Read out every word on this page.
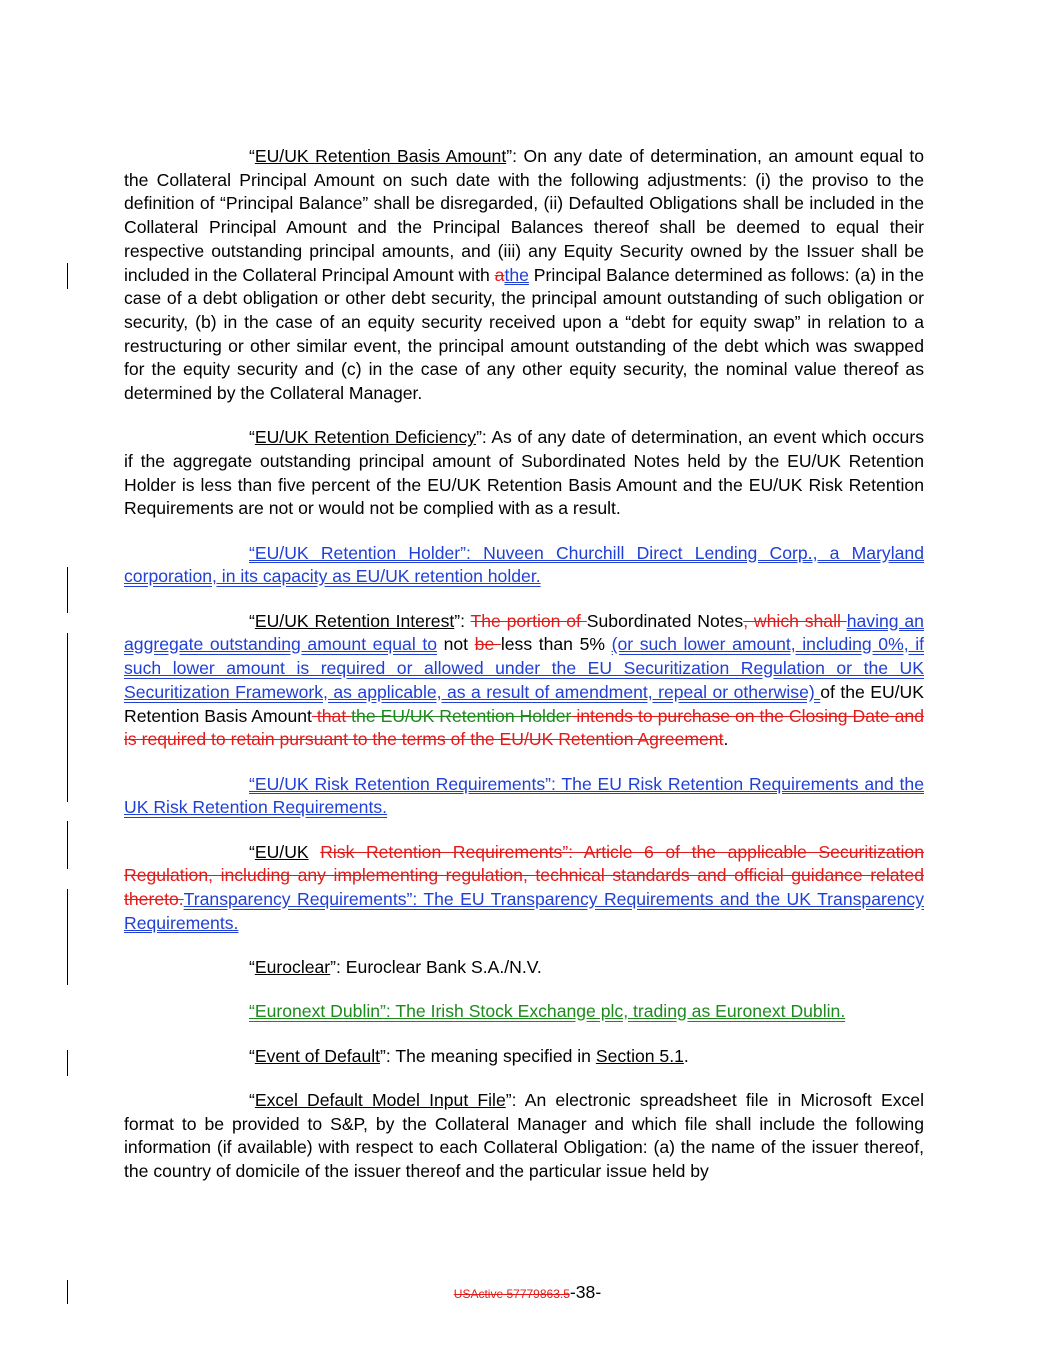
“EU/UK Retention Basis Amount”: On any date of determination, an amount equal to the Collateral Principal Amount on such date with the following adjustments: (i) the proviso to the definition of “Principal Balance” shall be disregarded, (ii) Defaulted Obligations shall be included in the Collateral Principal Amount and the Principal Balances thereof shall be deemed to equal their respective outstanding principal amounts, and (iii) any Equity Security owned by the Issuer shall be included in the Collateral Principal Amount with athe Principal Balance determined as follows: (a) in the case of a debt obligation or other debt security, the principal amount outstanding of such obligation or security, (b) in the case of an equity security received upon a “debt for equity swap” in relation to a restructuring or other similar event, the principal amount outstanding of the debt which was swapped for the equity security and (c) in the case of any other equity security, the nominal value thereof as determined by the Collateral Manager.

“EU/UK Retention Deficiency”: As of any date of determination, an event which occurs if the aggregate outstanding principal amount of Subordinated Notes held by the EU/UK Retention Holder is less than five percent of the EU/UK Retention Basis Amount and the EU/UK Risk Retention Requirements are not or would not be complied with as a result.

“EU/UK Retention Holder”: Nuveen Churchill Direct Lending Corp., a Maryland corporation, in its capacity as EU/UK retention holder.

“EU/UK Retention Interest”: The portion of Subordinated Notes, which shall having an aggregate outstanding amount equal to not be less than 5% (or such lower amount, including 0%, if such lower amount is required or allowed under the EU Securitization Regulation or the UK Securitization Framework, as applicable, as a result of amendment, repeal or otherwise) of the EU/UK Retention Basis Amount that the EU/UK Retention Holder intends to purchase on the Closing Date and is required to retain pursuant to the terms of the EU/UK Retention Agreement.

“EU/UK Risk Retention Requirements”: The EU Risk Retention Requirements and the UK Risk Retention Requirements.

“EU/UK Risk Retention Requirements”: Article 6 of the applicable Securitization Regulation, including any implementing regulation, technical standards and official guidance related thereto.Transparency Requirements”: The EU Transparency Requirements and the UK Transparency Requirements.

“Euroclear”: Euroclear Bank S.A./N.V.

“Euronext Dublin”: The Irish Stock Exchange plc, trading as Euronext Dublin.

“Event of Default”: The meaning specified in Section 5.1.

“Excel Default Model Input File”: An electronic spreadsheet file in Microsoft Excel format to be provided to S&P, by the Collateral Manager and which file shall include the following information (if available) with respect to each Collateral Obligation: (a) the name of the issuer thereof, the country of domicile of the issuer thereof and the particular issue held by

USActive 57779863.5-38-
